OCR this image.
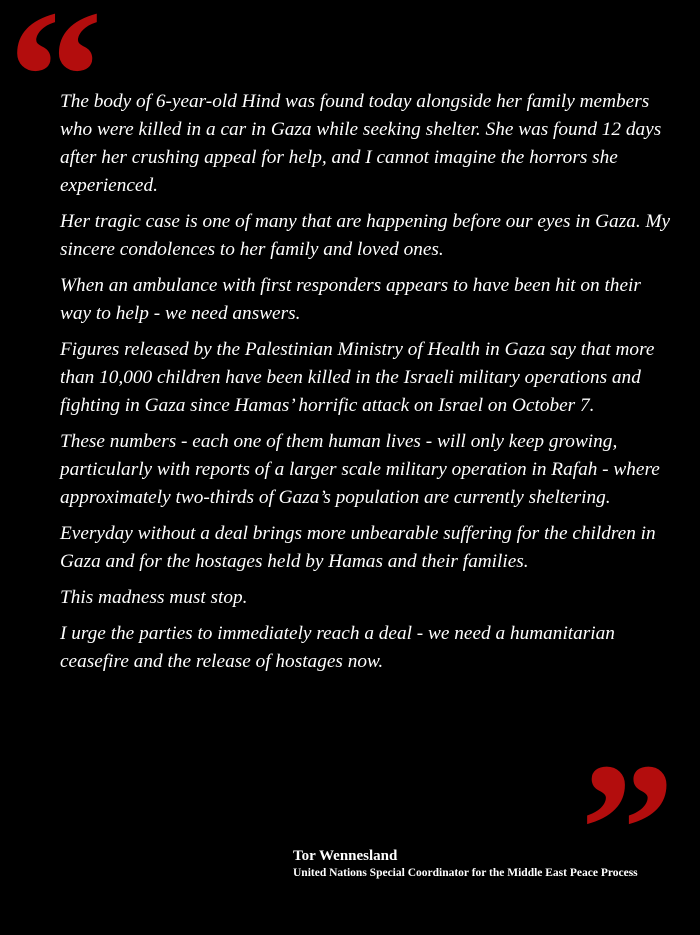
“

The body of 6-year-old Hind was found today alongside her family members who were killed in a car in Gaza while seeking shelter. She was found 12 days after her crushing appeal for help, and I cannot imagine the horrors she experienced.

Her tragic case is one of many that are happening before our eyes in Gaza. My sincere condolences to her family and loved ones.

When an ambulance with first responders appears to have been hit on their way to help - we need answers.

Figures released by the Palestinian Ministry of Health in Gaza say that more than 10,000 children have been killed in the Israeli military operations and fighting in Gaza since Hamas’ horrific attack on Israel on October 7.

These numbers - each one of them human lives - will only keep growing, particularly with reports of a larger scale military operation in Rafah - where approximately two-thirds of Gaza’s population are currently sheltering.

Everyday without a deal brings more unbearable suffering for the children in Gaza and for the hostages held by Hamas and their families.

This madness must stop.

I urge the parties to immediately reach a deal - we need a humanitarian ceasefire and the release of hostages now.

”
Tor Wennesland
United Nations Special Coordinator for the Middle East Peace Process
